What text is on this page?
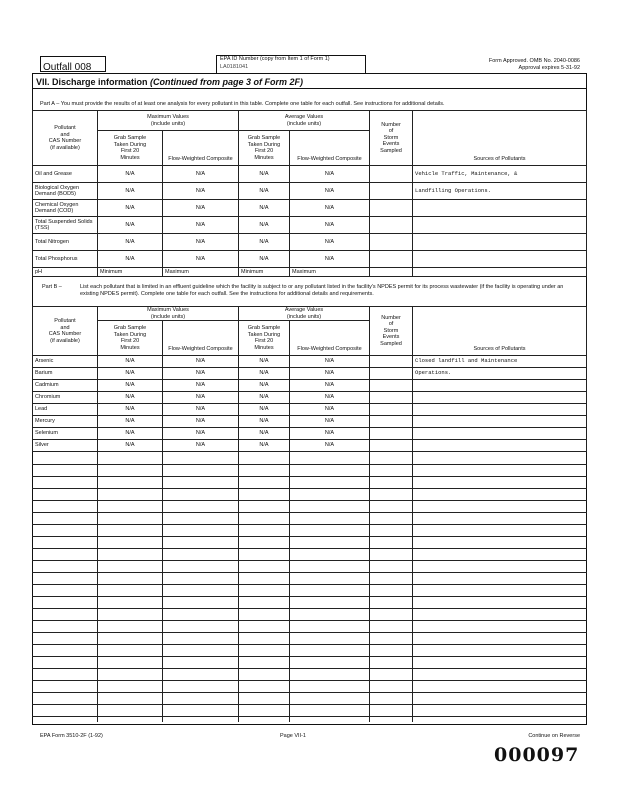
Outfall 008
EPA ID Number (copy from Item 1 of Form 1)
LA0181041
Form Approved. OMB No. 2040-0086
Approval expires 5-31-92
VII. Discharge information (Continued from page 3 of Form 2F)
Part A – You must provide the results of at least one analysis for every pollutant in this table. Complete one table for each outfall. See instructions for additional details.
Pollutant
and
CAS Number
(if available)	Maximum Values
(include units)		Average Values
(include units)		Number
of
Storm
Events
Sampled	Sources of Pollutants

	Grab Sample
Taken During
First 20
Minutes	Flow-Weighted Composite	Grab Sample
Taken During
First 20
Minutes	Flow-Weighted Composite		
Oil and Grease	N/A	N/A	N/A	N/A		Vehicle Traffic, Maintenance, &
Biological Oxygen Demand (BOD5)	N/A	N/A	N/A	N/A		Landfilling Operations.
Chemical Oxygen Demand (COD)	N/A	N/A	N/A	N/A		
Total Suspended Solids (TSS)	N/A	N/A	N/A	N/A		
Total Nitrogen	N/A	N/A	N/A	N/A		
Total Phosphorus	N/A	N/A	N/A	N/A		
pH	Minimum	Maximum	Minimum	Maximum		
Part B –	List each pollutant that is limited in an effluent guideline which the facility is subject to or any pollutant listed in the facility's NPDES permit for its process wastewater (if the facility is operating under an existing NPDES permit). Complete one table for each outfall. See the instructions for additional details and requirements.
Pollutant
and
CAS Number
(if available)	Maximum Values
(include units)		Average Values
(include units)		Number
of
Storm
Events
Sampled	Sources of Pollutants

	Grab Sample
Taken During
First 20
Minutes	Flow-Weighted Composite	Grab Sample
Taken During
First 20
Minutes	Flow-Weighted Composite		
Arsenic	N/A	N/A	N/A	N/A		Closed landfill and Maintenance
Barium	N/A	N/A	N/A	N/A		Operations.
Cadmium	N/A	N/A	N/A	N/A		
Chromium	N/A	N/A	N/A	N/A		
Lead	N/A	N/A	N/A	N/A		
Mercury	N/A	N/A	N/A	N/A		
Selenium	N/A	N/A	N/A	N/A		
Silver	N/A	N/A	N/A	N/A		
EPA Form 3510-2F (1-92)	Page VII-1	Continue on Reverse
000097
